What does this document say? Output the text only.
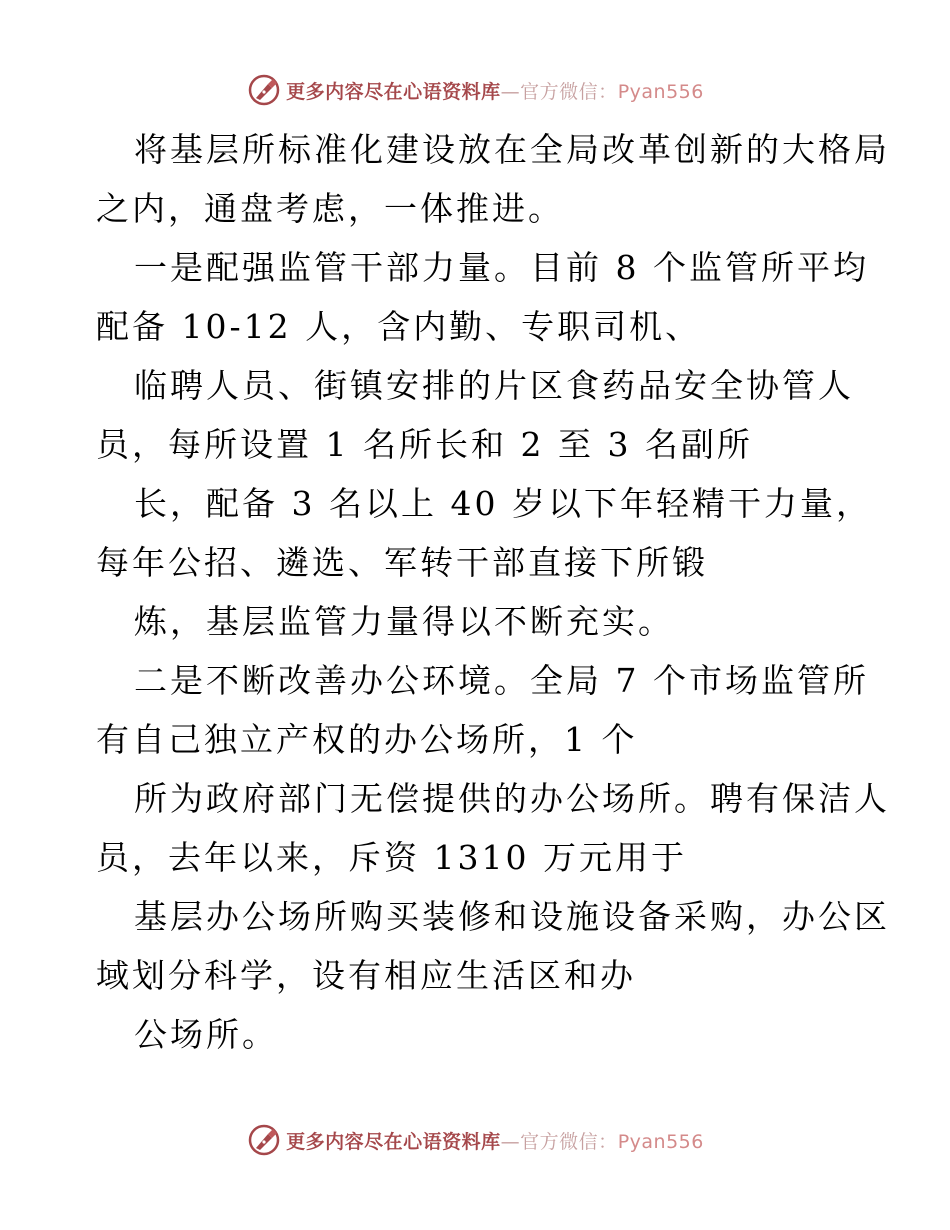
更多内容尽在心语资料库—官方微信：Pyan556
将基层所标准化建设放在全局改革创新的大格局
之内，通盘考虑，一体推进。
一是配强监管干部力量。目前 8 个监管所平均
配备 10-12 人，含内勤、专职司机、
临聘人员、街镇安排的片区食药品安全协管人
员，每所设置 1 名所长和 2 至 3 名副所
长，配备 3 名以上 40 岁以下年轻精干力量，
每年公招、遴选、军转干部直接下所锻
炼，基层监管力量得以不断充实。
二是不断改善办公环境。全局 7 个市场监管所
有自己独立产权的办公场所，1 个
所为政府部门无偿提供的办公场所。聘有保洁人
员，去年以来，斥资 1310 万元用于
基层办公场所购买装修和设施设备采购，办公区
域划分科学，设有相应生活区和办
公场所。
更多内容尽在心语资料库—官方微信：Pyan556
